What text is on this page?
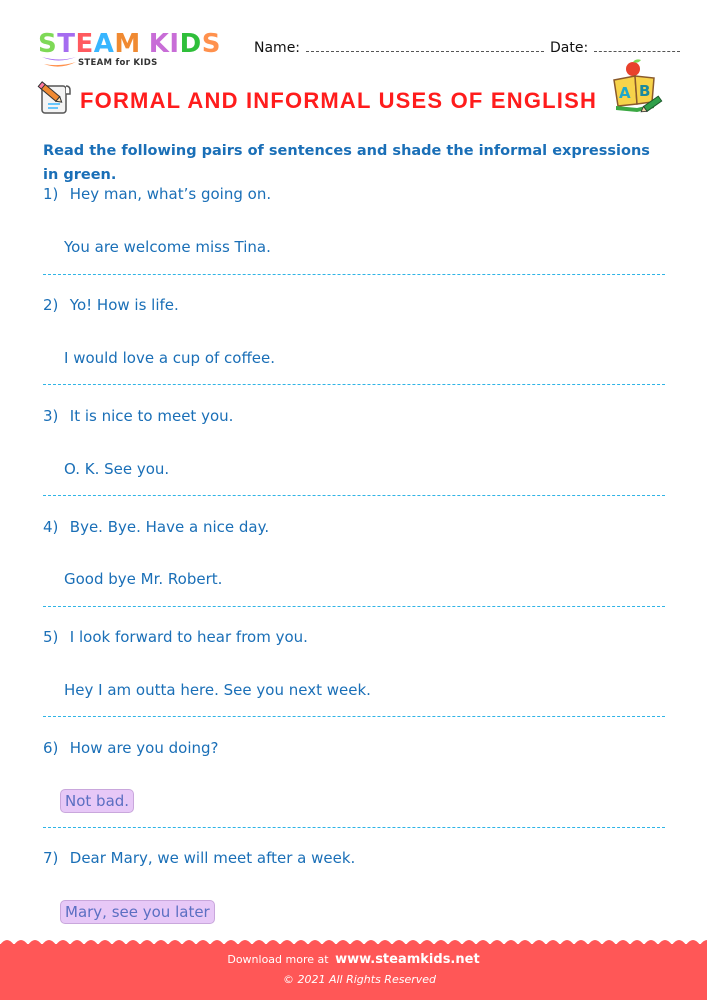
STEAM KIDS
STEAM for KIDS
Name:	Date:
FORMAL AND INFORMAL USES OF ENGLISH A B
Read the following pairs of sentences and shade the informal expressions in green.
1) Hey man, what’s going on.
You are welcome miss Tina.
2) Yo! How is life.
I would love a cup of coffee.
3) It is nice to meet you.
O. K. See you.
4) Bye. Bye. Have a nice day.
Good bye Mr. Robert.
5) I look forward to hear from you.
Hey I am outta here. See you next week.
6) How are you doing?
Not bad.
7) Dear Mary, we will meet after a week.
Mary, see you later
Download more at www.steamkids.net
© 2021 All Rights Reserved
